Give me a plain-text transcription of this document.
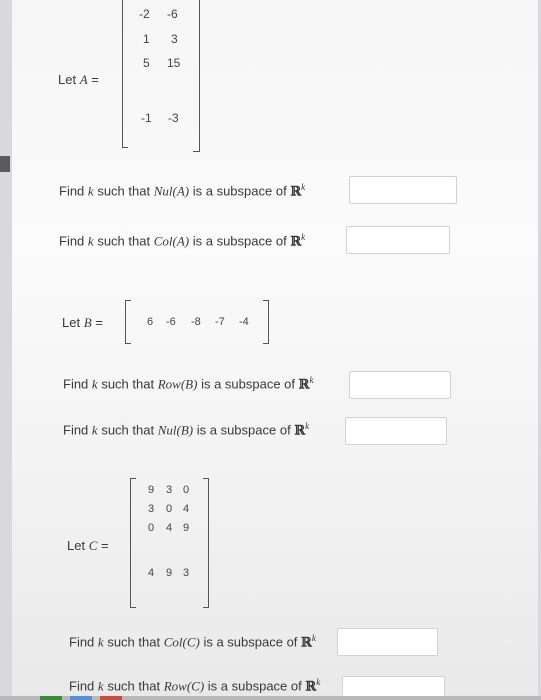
Let A =
-2 -6
1 3
5 15
-1 -3
Find k such that Nul(A) is a subspace of ℝ$^k$
Find k such that Col(A) is a subspace of ℝ$^k$
Let B =	6 -6 -8 -7 -4
Find k such that Row(B) is a subspace of ℝ$^k$
Find k such that Nul(B) is a subspace of ℝ$^k$
Let C =
9 3 0
3 0 4
0 4 9
4 9 3
Find k such that Col(C) is a subspace of ℝ$^k$
Find k such that Row(C) is a subspace of ℝ$^k$
